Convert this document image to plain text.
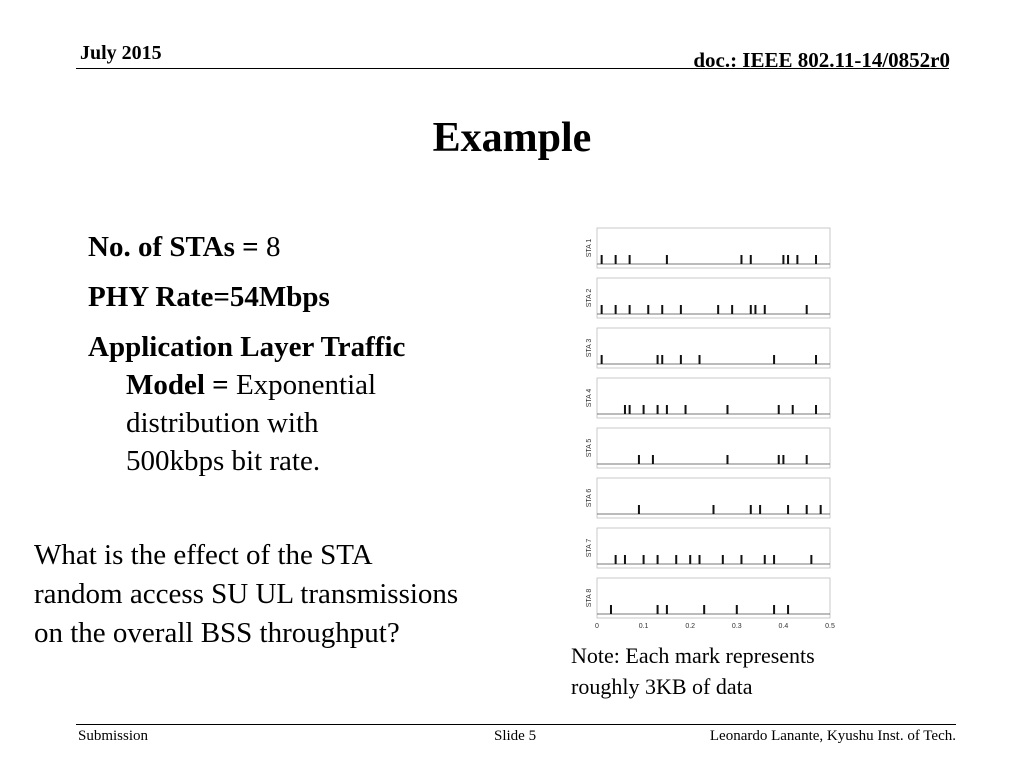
July 2015	doc.: IEEE 802.11-14/0852r0
Example
No. of STAs = 8
PHY Rate=54Mbps
Application Layer Traffic
Model = Exponential
distribution with
500kbps bit rate.
What is the effect of the STA
random access SU UL transmissions
on the overall BSS throughput?
STA 1
STA 2
STA 3
STA 4
STA 5
STA 6
STA 7
STA 8
0	0.1	0.2	0.3	0.4	0.5
Note: Each mark represents
roughly 3KB of data
Submission	Slide 5	Leonardo Lanante, Kyushu Inst. of Tech.
